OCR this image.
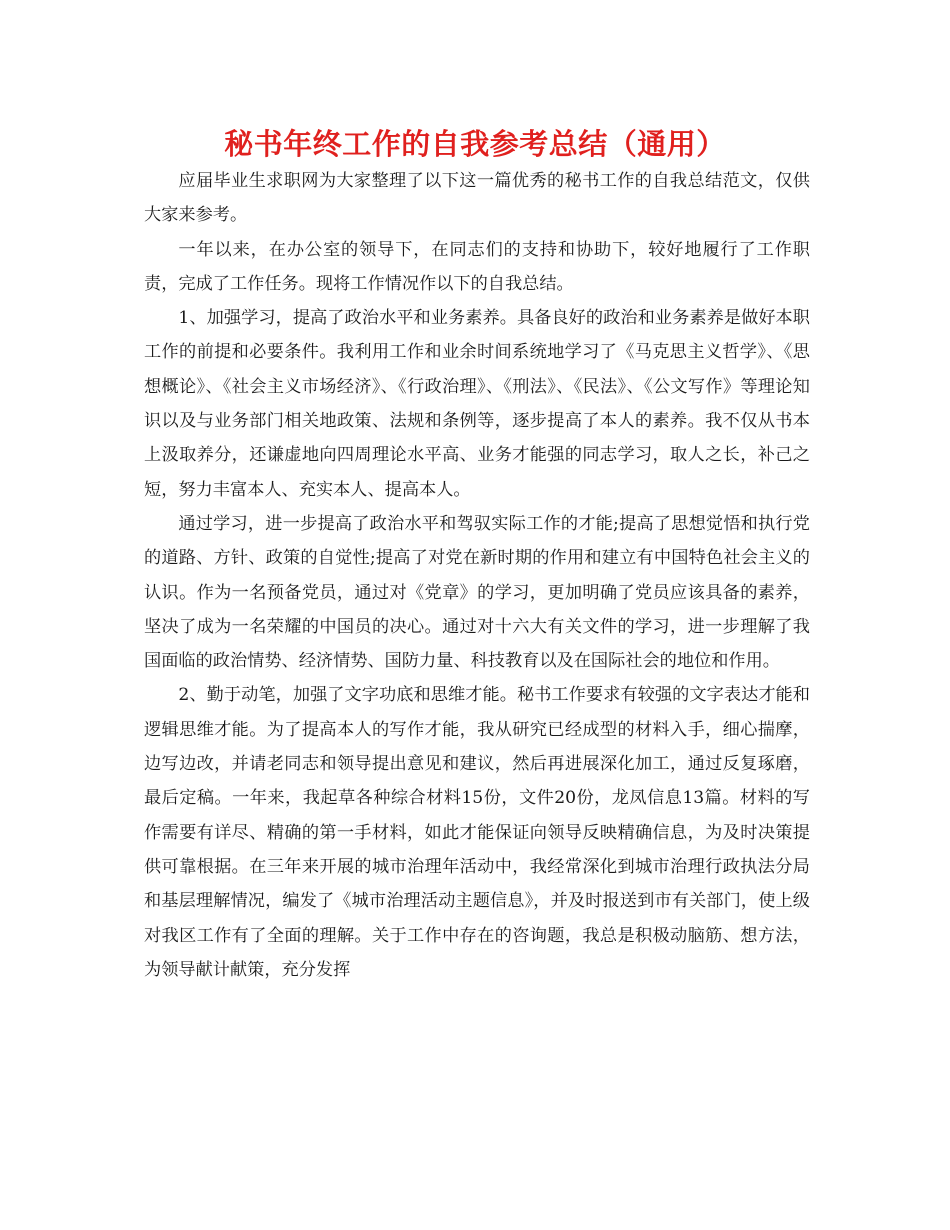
秘书年终工作的自我参考总结（通用）

应届毕业生求职网为大家整理了以下这一篇优秀的秘书工作的自我总结范文，仅供大家来参考。

一年以来，在办公室的领导下，在同志们的支持和协助下，较好地履行了工作职责，完成了工作任务。现将工作情况作以下的自我总结。

1、加强学习，提高了政治水平和业务素养。具备良好的政治和业务素养是做好本职工作的前提和必要条件。我利用工作和业余时间系统地学习了《马克思主义哲学》、《思想概论》、《社会主义市场经济》、《行政治理》、《刑法》、《民法》、《公文写作》等理论知识以及与业务部门相关地政策、法规和条例等，逐步提高了本人的素养。我不仅从书本上汲取养分，还谦虚地向四周理论水平高、业务才能强的同志学习，取人之长，补己之短，努力丰富本人、充实本人、提高本人。

通过学习，进一步提高了政治水平和驾驭实际工作的才能;提高了思想觉悟和执行党的道路、方针、政策的自觉性;提高了对党在新时期的作用和建立有中国特色社会主义的认识。作为一名预备党员，通过对《党章》的学习，更加明确了党员应该具备的素养，坚决了成为一名荣耀的中国员的决心。通过对十六大有关文件的学习，进一步理解了我国面临的政治情势、经济情势、国防力量、科技教育以及在国际社会的地位和作用。

2、勤于动笔，加强了文字功底和思维才能。秘书工作要求有较强的文字表达才能和逻辑思维才能。为了提高本人的写作才能，我从研究已经成型的材料入手，细心揣摩，边写边改，并请老同志和领导提出意见和建议，然后再进展深化加工，通过反复琢磨，最后定稿。一年来，我起草各种综合材料15份，文件20份，龙凤信息13篇。材料的写作需要有详尽、精确的第一手材料，如此才能保证向领导反映精确信息，为及时决策提供可靠根据。在三年来开展的城市治理年活动中，我经常深化到城市治理行政执法分局和基层理解情况，编发了《城市治理活动主题信息》，并及时报送到市有关部门，使上级对我区工作有了全面的理解。关于工作中存在的咨询题，我总是积极动脑筋、想方法，为领导献计献策，充分发挥
